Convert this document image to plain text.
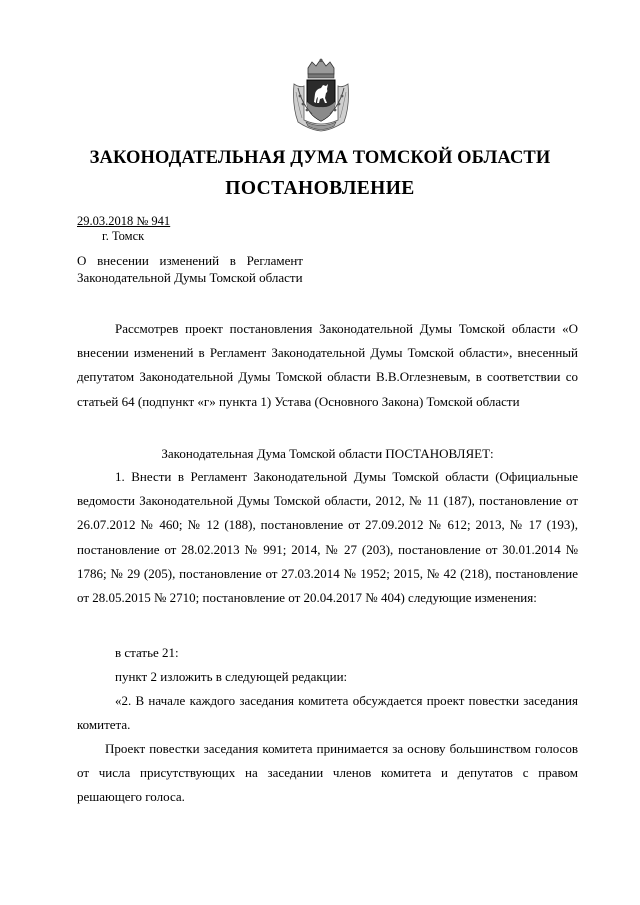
ЗАКОНОДАТЕЛЬНАЯ ДУМА ТОМСКОЙ ОБЛАСТИ
ПОСТАНОВЛЕНИЕ
29.03.2018 № 941
г. Томск
О внесении изменений в Регламент Законодательной Думы Томской области

Рассмотрев проект постановления Законодательной Думы Томской области «О внесении изменений в Регламент Законодательной Думы Томской области», внесенный депутатом Законодательной Думы Томской области В.В.Оглезневым, в соответствии со статьей 64 (подпункт «г» пункта 1) Устава (Основного Закона) Томской области

Законодательная Дума Томской области ПОСТАНОВЛЯЕТ:

1. Внести в Регламент Законодательной Думы Томской области (Официальные ведомости Законодательной Думы Томской области, 2012, № 11 (187), постановление от 26.07.2012 № 460; № 12 (188), постановление от 27.09.2012 № 612; 2013, № 17 (193), постановление от 28.02.2013 № 991; 2014, № 27 (203), постановление от 30.01.2014 № 1786; № 29 (205), постановление от 27.03.2014 № 1952; 2015, № 42 (218), постановление от 28.05.2015 № 2710; постановление от 20.04.2017 № 404) следующие изменения:

в статье 21:

пункт 2 изложить в следующей редакции:

«2. В начале каждого заседания комитета обсуждается проект повестки заседания комитета.

Проект повестки заседания комитета принимается за основу большинством голосов от числа присутствующих на заседании членов комитета и депутатов с правом решающего голоса.
